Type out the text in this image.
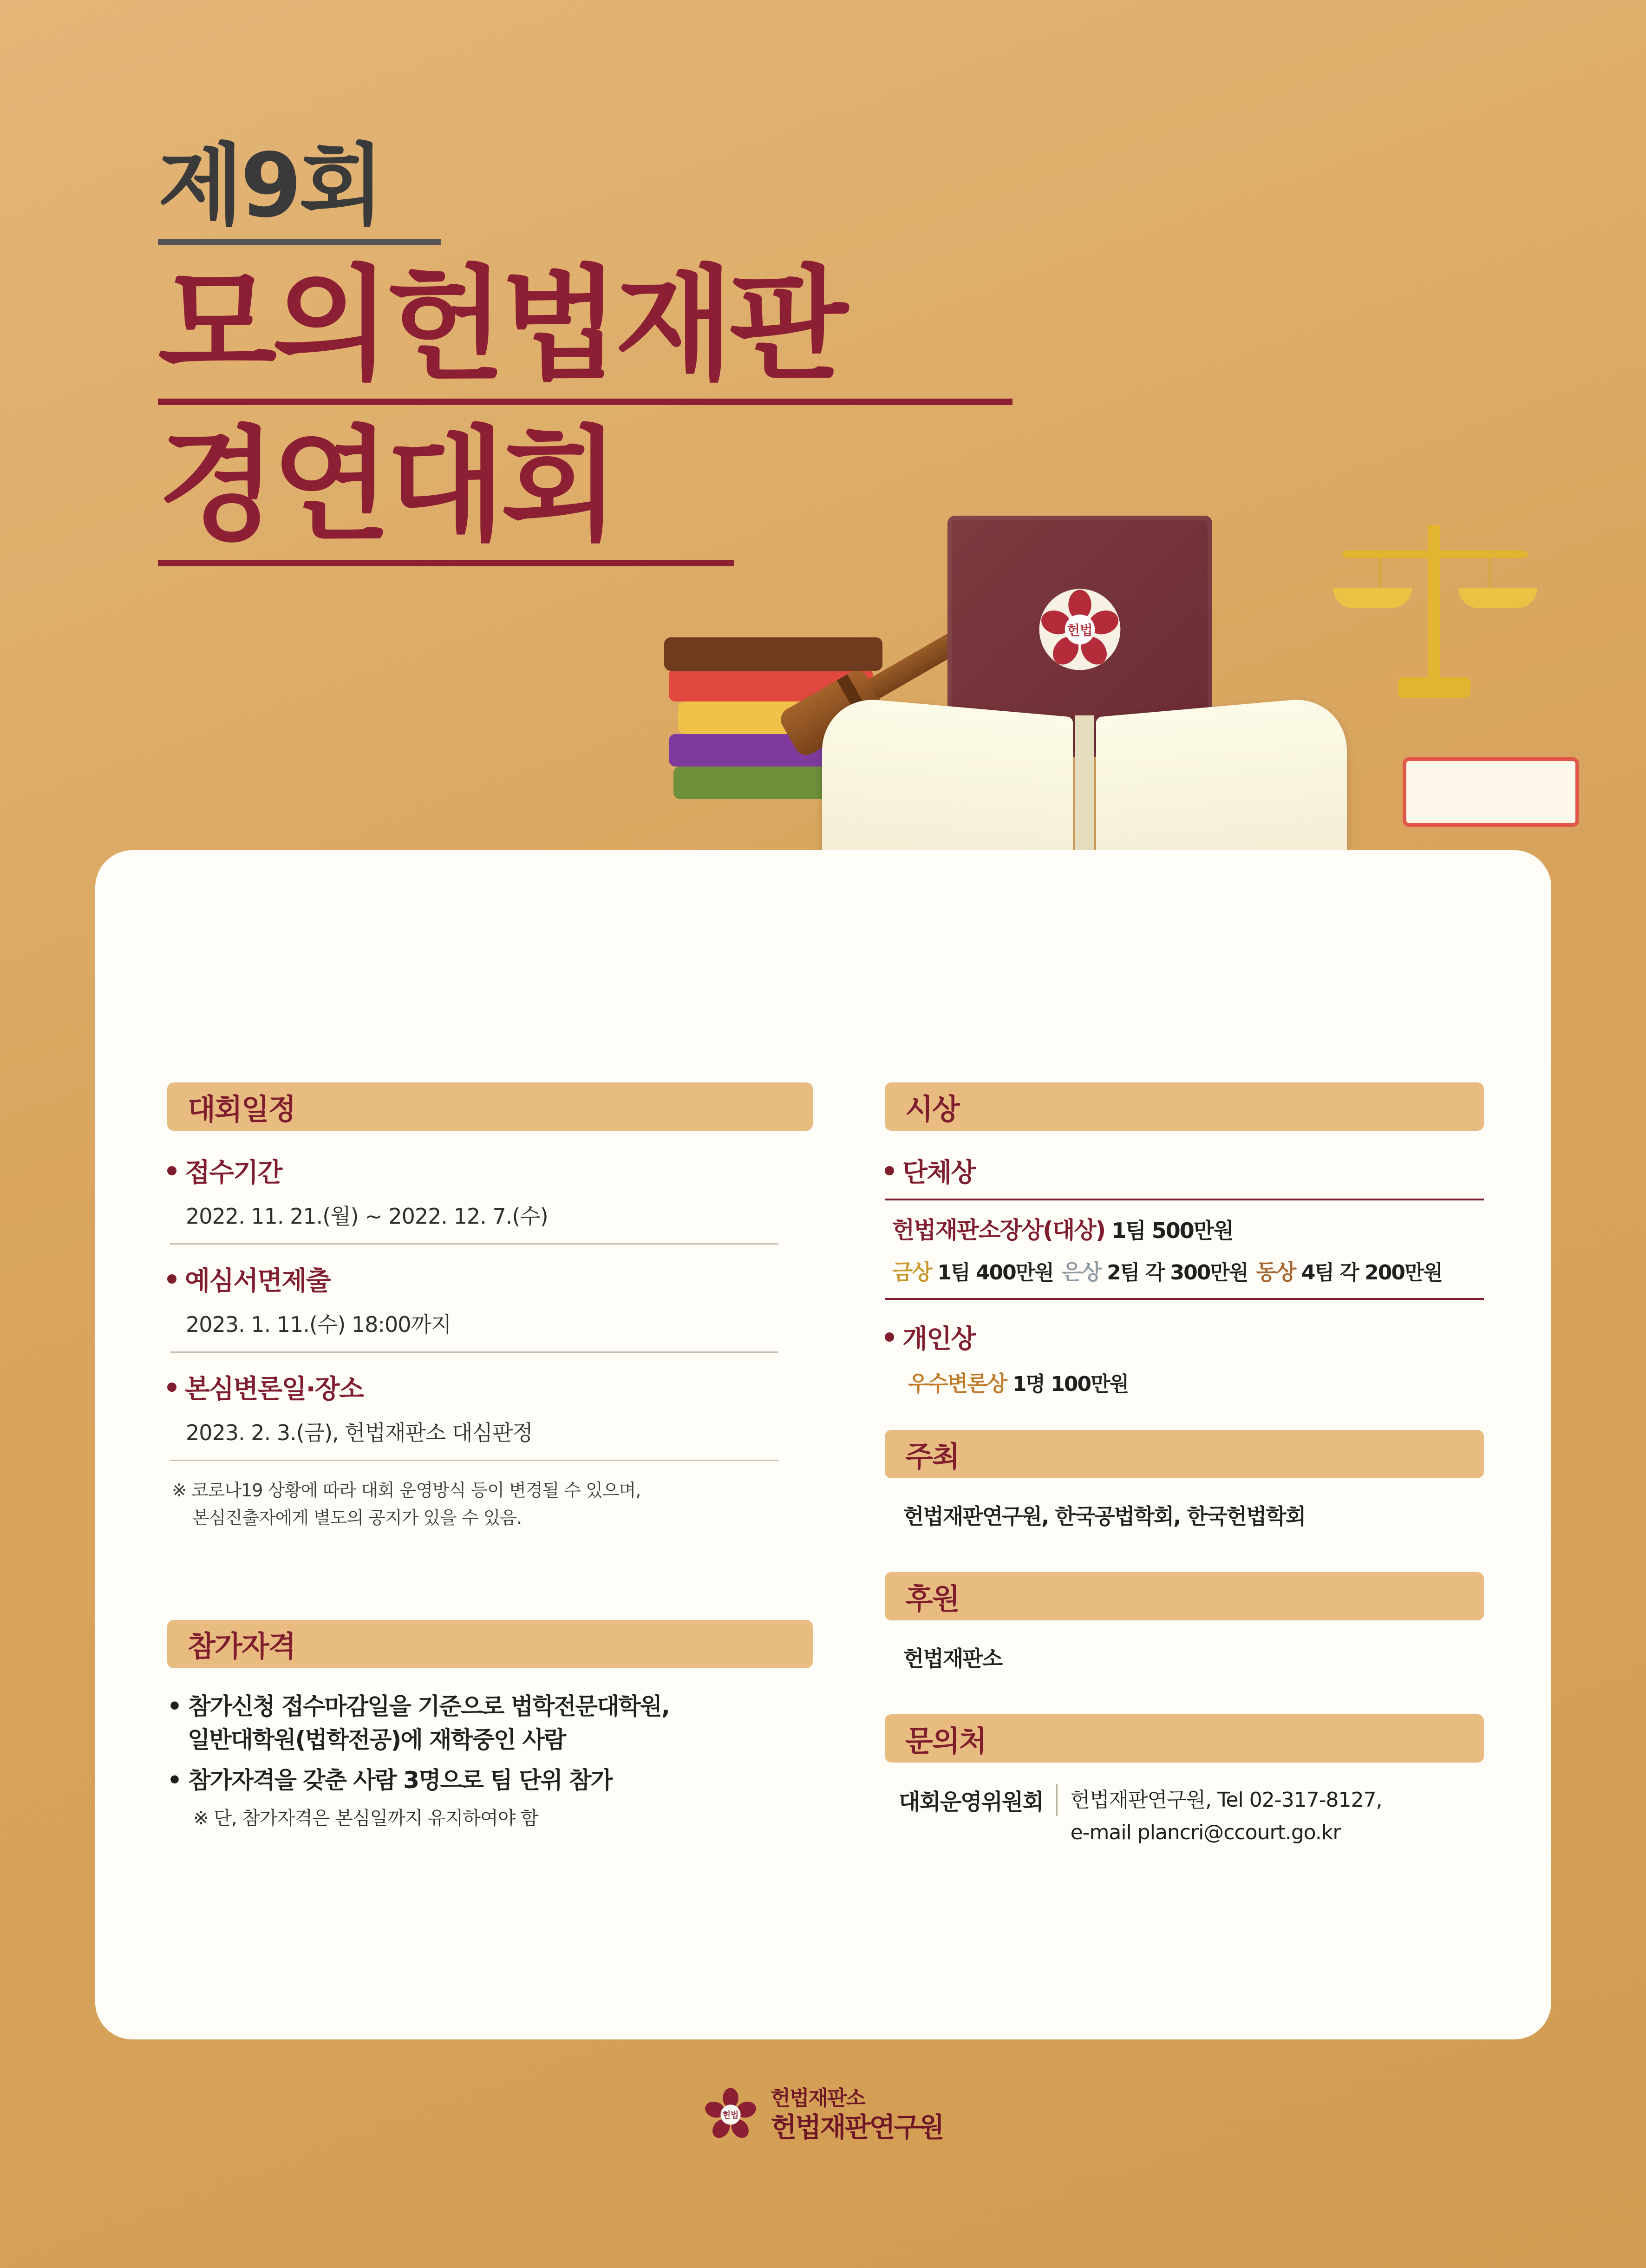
제9회
모의헌법재판
경연대회
헌법
대회일정
접수기간
2022. 11. 21.(월) ~ 2022. 12. 7.(수)
예심서면제출
2023. 1. 11.(수) 18:00까지
본심변론일·장소
2023. 2. 3.(금), 헌법재판소 대심판정
※ 코로나19 상황에 따라 대회 운영방식 등이 변경될 수 있으며,
본심진출자에게 별도의 공지가 있을 수 있음.
참가자격
• 참가신청 접수마감일을 기준으로 법학전문대학원,
일반대학원(법학전공)에 재학중인 사람
• 참가자격을 갖춘 사람 3명으로 팀 단위 참가
※ 단, 참가자격은 본심일까지 유지하여야 함
시상
단체상
헌법재판소장상(대상) 1팀 500만원
금상 1팀 400만원 은상 2팀 각 300만원 동상 4팀 각 200만원
개인상
우수변론상 1명 100만원
주최
헌법재판연구원, 한국공법학회, 한국헌법학회
후원
헌법재판소
문의처
대회운영위원회	헌법재판연구원, Tel 02-317-8127,
e-mail plancri@ccourt.go.kr
헌법
헌법재판소
헌법재판연구원
